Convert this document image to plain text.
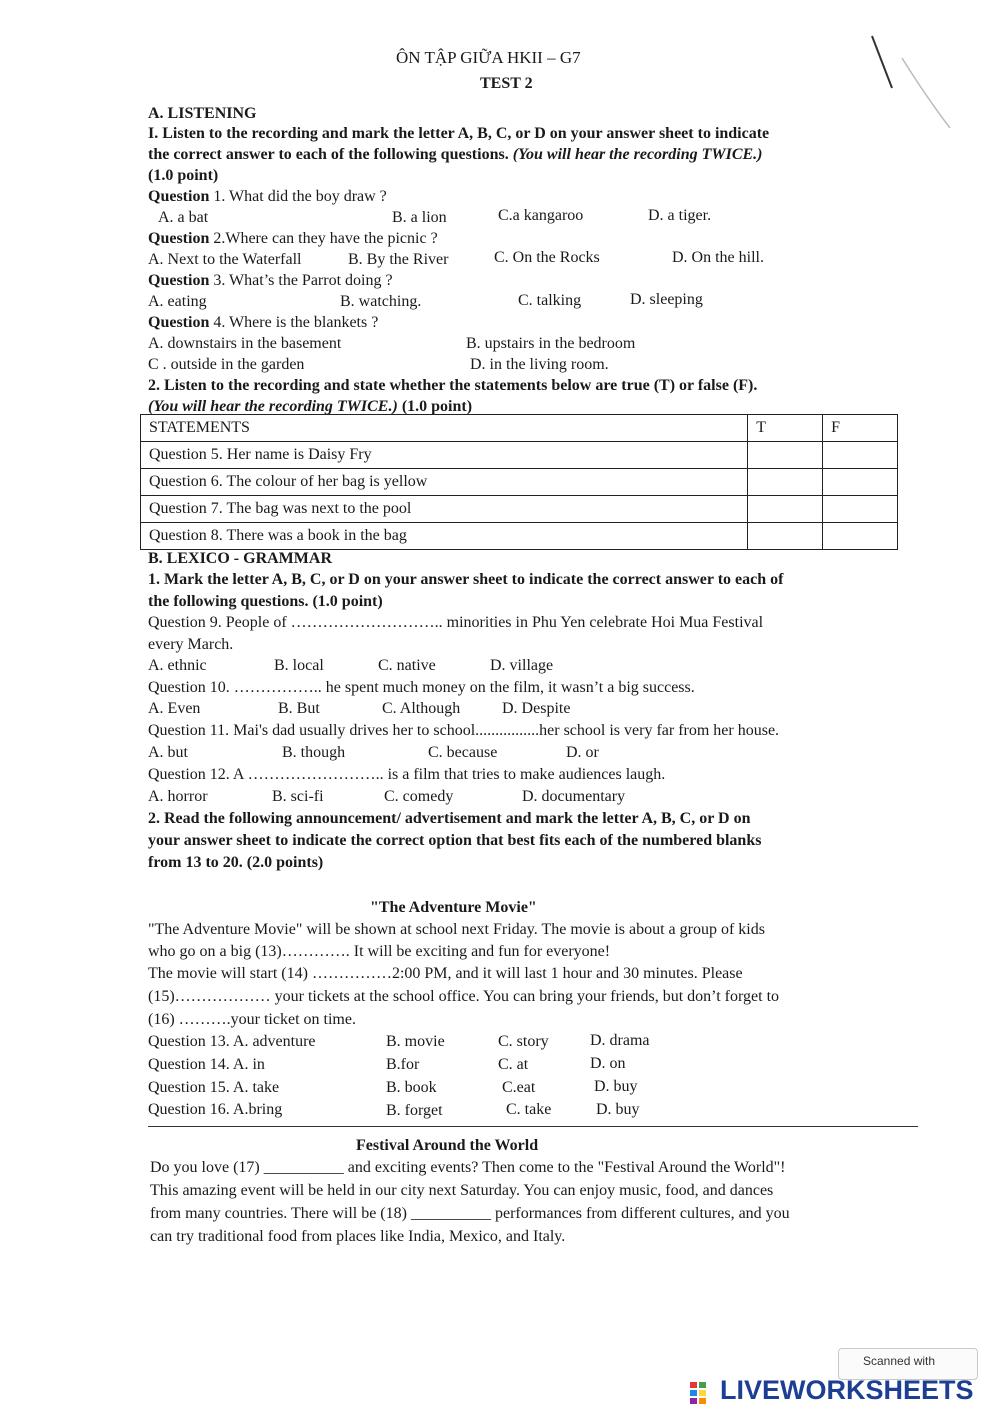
ÔN TẬP GIỮA HKII – G7
TEST 2
A. LISTENING
I. Listen to the recording and mark the letter A, B, C, or D on your answer sheet to indicate
the correct answer to each of the following questions. (You will hear the recording TWICE.)
(1.0 point)
Question 1. What did the boy draw ?
A. a bat	B. a lion	C.a kangaroo	D. a tiger.
Question 2.Where can they have the picnic ?
A. Next to the Waterfall	B. By the River	C. On the Rocks	D. On the hill.
Question 3. What’s the Parrot doing ?
A. eating	B. watching.	C. talking	D. sleeping
Question 4. Where is the blankets ?
A. downstairs in the basement	B. upstairs in the bedroom
C . outside in the garden	D. in the living room.
2. Listen to the recording and state whether the statements below are true (T) or false (F).
(You will hear the recording TWICE.) (1.0 point)
STATEMENTS	T	F
Question 5. Her name is Daisy Fry		
Question 6. The colour of her bag is yellow		
Question 7. The bag was next to the pool		
Question 8. There was a book in the bag		
B. LEXICO - GRAMMAR
1. Mark the letter A, B, C, or D on your answer sheet to indicate the correct answer to each of
the following questions. (1.0 point)
Question 9. People of ……………………….. minorities in Phu Yen celebrate Hoi Mua Festival
every March.
A. ethnic	B. local	C. native	D. village
Question 10. …………….. he spent much money on the film, it wasn’t a big success.
A. Even	B. But	C. Although	D. Despite
Question 11. Mai's dad usually drives her to school................her school is very far from her house.
A. but	B. though	C. because	D. or
Question 12. A …………………….. is a film that tries to make audiences laugh.
A. horror	B. sci-fi	C. comedy	D. documentary
2. Read the following announcement/ advertisement and mark the letter A, B, C, or D on
your answer sheet to indicate the correct option that best fits each of the numbered blanks
from 13 to 20. (2.0 points)
"The Adventure Movie"
"The Adventure Movie" will be shown at school next Friday. The movie is about a group of kids
who go on a big (13)…………. It will be exciting and fun for everyone!
The movie will start (14) ……………2:00 PM, and it will last 1 hour and 30 minutes. Please
(15)……………… your tickets at the school office. You can bring your friends, but don’t forget to
(16) ……….your ticket on time.
Question 13. A. adventure	B. movie	C. story	D. drama
Question 14. A. in	B.for	C. at	D. on
Question 15. A. take	B. book	C.eat	D. buy
Question 16. A.bring	B. forget	C. take	D. buy
Festival Around the World
Do you love (17) __________ and exciting events? Then come to the "Festival Around the World"!
This amazing event will be held in our city next Saturday. You can enjoy music, food, and dances
from many countries. There will be (18) __________ performances from different cultures, and you
can try traditional food from places like India, Mexico, and Italy.
Scanned with
LIVEWORKSHEETS
